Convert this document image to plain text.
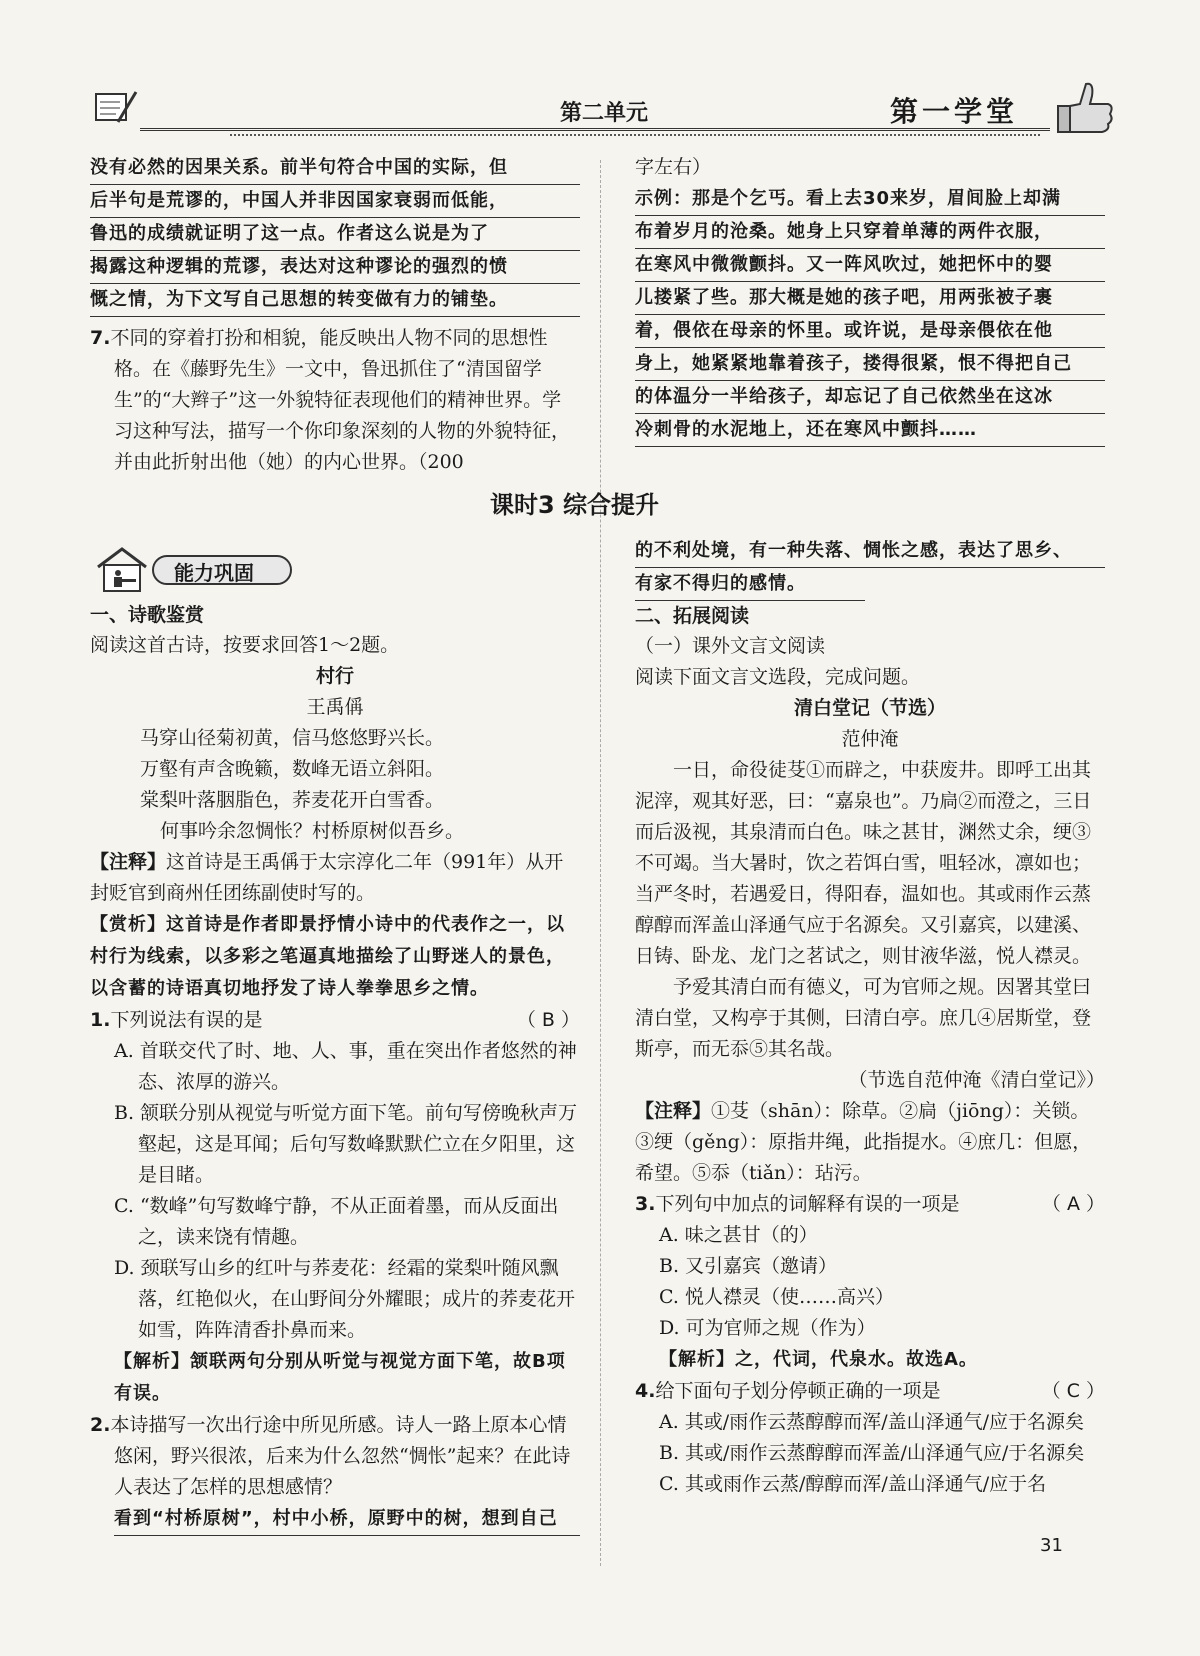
第二单元	第一学堂
没有必然的因果关系。前半句符合中国的实际，但
后半句是荒谬的，中国人并非因国家衰弱而低能，
鲁迅的成绩就证明了这一点。作者这么说是为了
揭露这种逻辑的荒谬，表达对这种谬论的强烈的愤
慨之情，为下文写自己思想的转变做有力的铺垫。
7.不同的穿着打扮和相貌，能反映出人物不同的思想性格。在《藤野先生》一文中，鲁迅抓住了“清国留学生”的“大辫子”这一外貌特征表现他们的精神世界。学习这种写法，描写一个你印象深刻的人物的外貌特征，并由此折射出他（她）的内心世界。（200
字左右）
示例：那是个乞丐。看上去30来岁，眉间脸上却满
布着岁月的沧桑。她身上只穿着单薄的两件衣服，
在寒风中微微颤抖。又一阵风吹过，她把怀中的婴
儿搂紧了些。那大概是她的孩子吧，用两张被子裹
着，偎依在母亲的怀里。或许说，是母亲偎依在他
身上，她紧紧地靠着孩子，搂得很紧，恨不得把自己
的体温分一半给孩子，却忘记了自己依然坐在这冰
冷刺骨的水泥地上，还在寒风中颤抖……
课时3 综合提升
能力巩固
一、诗歌鉴赏
阅读这首古诗，按要求回答1～2题。
村行
王禹偁
马穿山径菊初黄，信马悠悠野兴长。
万壑有声含晚籁，数峰无语立斜阳。
棠梨叶落胭脂色，荞麦花开白雪香。
何事吟余忽惆怅？村桥原树似吾乡。
【注释】这首诗是王禹偁于太宗淳化二年（991年）从开封贬官到商州任团练副使时写的。
【赏析】这首诗是作者即景抒情小诗中的代表作之一，以村行为线索，以多彩之笔逼真地描绘了山野迷人的景色，以含蓄的诗语真切地抒发了诗人拳拳思乡之情。
1.下列说法有误的是	（ B ）
A. 首联交代了时、地、人、事，重在突出作者悠然的神态、浓厚的游兴。
B. 颔联分别从视觉与听觉方面下笔。前句写傍晚秋声万壑起，这是耳闻；后句写数峰默默伫立在夕阳里，这是目睹。
C. “数峰”句写数峰宁静，不从正面着墨，而从反面出之，读来饶有情趣。
D. 颈联写山乡的红叶与荞麦花：经霜的棠梨叶随风飘落，红艳似火，在山野间分外耀眼；成片的荞麦花开如雪，阵阵清香扑鼻而来。
【解析】颔联两句分别从听觉与视觉方面下笔，故B项有误。
2.本诗描写一次出行途中所见所感。诗人一路上原本心情悠闲，野兴很浓，后来为什么忽然“惆怅”起来？在此诗人表达了怎样的思想感情？
看到“村桥原树”，村中小桥，原野中的树，想到自己
的不利处境，有一种失落、惆怅之感，表达了思乡、
有家不得归的感情。
二、拓展阅读
（一）课外文言文阅读
阅读下面文言文选段，完成问题。
清白堂记（节选）
范仲淹
一日，命役徒芟①而辟之，中获废井。即呼工出其泥滓，观其好恶，曰：“嘉泉也”。乃扃②而澄之，三日而后汲视，其泉清而白色。味之甚甘，渊然丈余，绠③不可竭。当大暑时，饮之若饵白雪，咀轻冰，凛如也；当严冬时，若遇爱日，得阳春，温如也。其或雨作云蒸醇醇而浑盖山泽通气应于名源矣。又引嘉宾，以建溪、日铸、卧龙、龙门之茗试之，则甘液华滋，悦人襟灵。
予爱其清白而有德义，可为官师之规。因署其堂曰清白堂，又构亭于其侧，曰清白亭。庶几④居斯堂，登斯亭，而无忝⑤其名哉。
（节选自范仲淹《清白堂记》）
【注释】①芟（shān）：除草。②扃（jiōng）：关锁。③绠（gěng）：原指井绳，此指提水。④庶几：但愿，希望。⑤忝（tiǎn）：玷污。
3.下列句中加点的词解释有误的一项是	（ A ）
A. 味之甚甘（的）
B. 又引嘉宾（邀请）
C. 悦人襟灵（使……高兴）
D. 可为官师之规（作为）
【解析】之，代词，代泉水。故选A。
4.给下面句子划分停顿正确的一项是	（ C ）
A. 其或/雨作云蒸醇醇而浑/盖山泽通气/应于名源矣
B. 其或/雨作云蒸醇醇而浑盖/山泽通气应/于名源矣
C. 其或雨作云蒸/醇醇而浑/盖山泽通气/应于名
31
